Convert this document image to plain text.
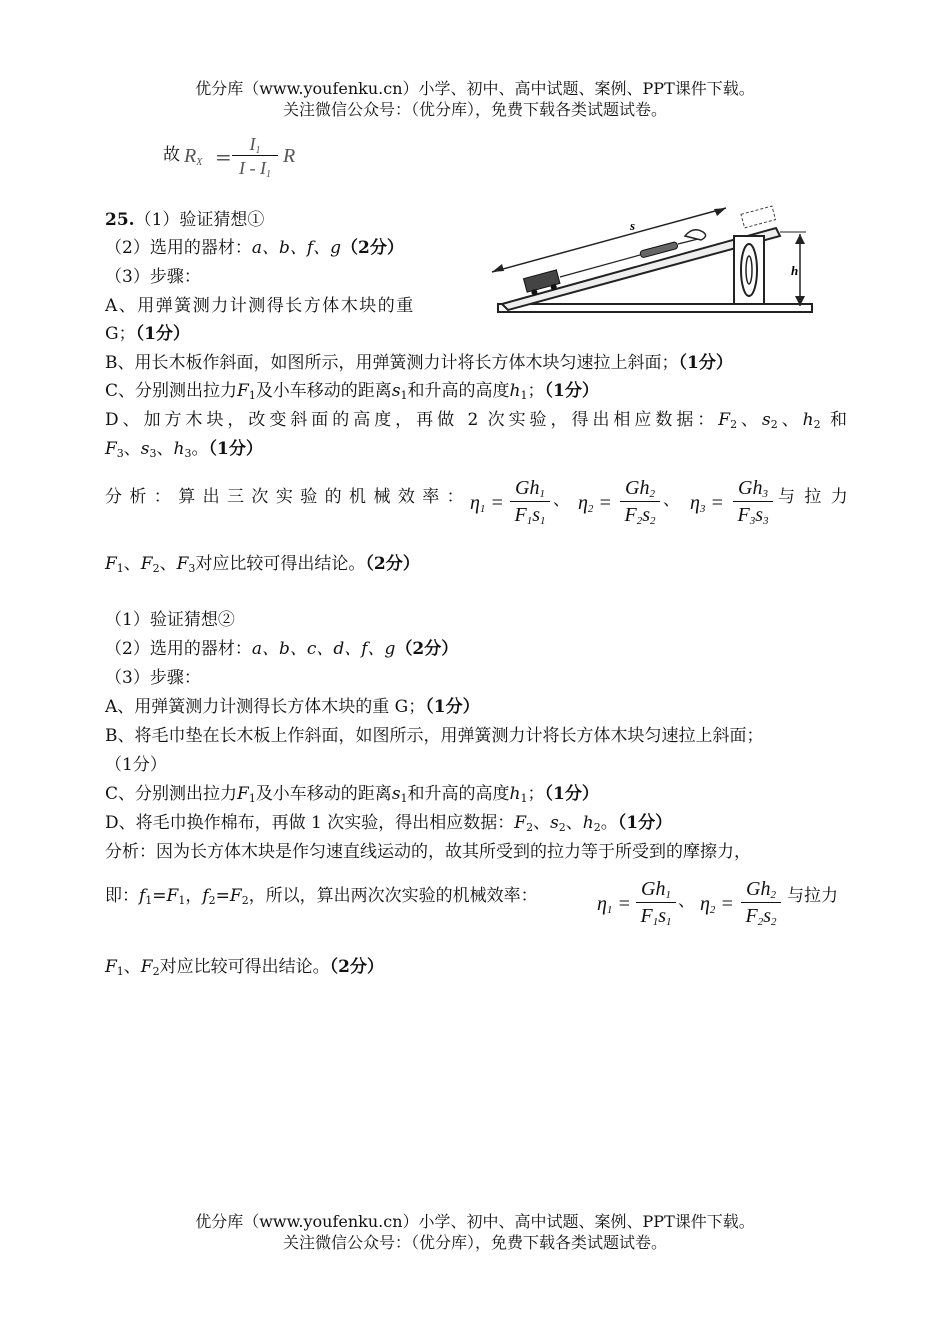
优分库（www.youfenku.cn）小学、初中、高中试题、案例、PPT课件下载。
关注微信公众号：（优分库），免费下载各类试题试卷。
故 $R_X$ =
$I_1$
I - $I_1$
R
25.（1）验证猜想①
（2）选用的器材：a、b、f、g（2分）
（3）步骤：
A、用弹簧测力计测得长方体木块的重
G；（1分）
B、用长木板作斜面，如图所示，用弹簧测力计将长方体木块匀速拉上斜面；（1分）
C、分别测出拉力$F_1$及小车移动的距离$s_1$和升高的高度$h_1$；（1分）
D、加方木块，改变斜面的高度，再做 2 次实验，得出相应数据：$F_2$、$s_2$、$h_2$ 和
$F_3$、$s_3$、$h_3$。（1分）
分 析 ： 算 出 三 次 实 验 的 机 械 效 率 ： $\eta_1$ =
$Gh_1$
$F_1s_1$
、 $\eta_2$ =
$Gh_2$
$F_2s_2$
、 $\eta_3$ =
$Gh_3$
$F_3s_3$
与 拉 力
$F_1$、$F_2$、$F_3$对应比较可得出结论。（2分）
（1）验证猜想②
（2）选用的器材：a、b、c、d、f、g（2分）
（3）步骤：
A、用弹簧测力计测得长方体木块的重 G；（1分）
B、将毛巾垫在长木板上作斜面，如图所示，用弹簧测力计将长方体木块匀速拉上斜面；
（1分）
C、分别测出拉力$F_1$及小车移动的距离$s_1$和升高的高度$h_1$；（1分）
D、将毛巾换作棉布，再做 1 次实验，得出相应数据：$F_2$、$s_2$、$h_2$。（1分）
分析：因为长方体木块是作匀速直线运动的，故其所受到的拉力等于所受到的摩擦力，
即：$f_1=F_1$，$f_2=F_2$，所以，算出两次次实验的机械效率：	$\eta_1$ =
$Gh_1$
$F_1s_1$
、 $\eta_2$ =
$Gh_2$
$F_2s_2$
与拉力
$F_1$、$F_2$对应比较可得出结论。（2分）
s
h
优分库（www.youfenku.cn）小学、初中、高中试题、案例、PPT课件下载。
关注微信公众号：（优分库），免费下载各类试题试卷。
